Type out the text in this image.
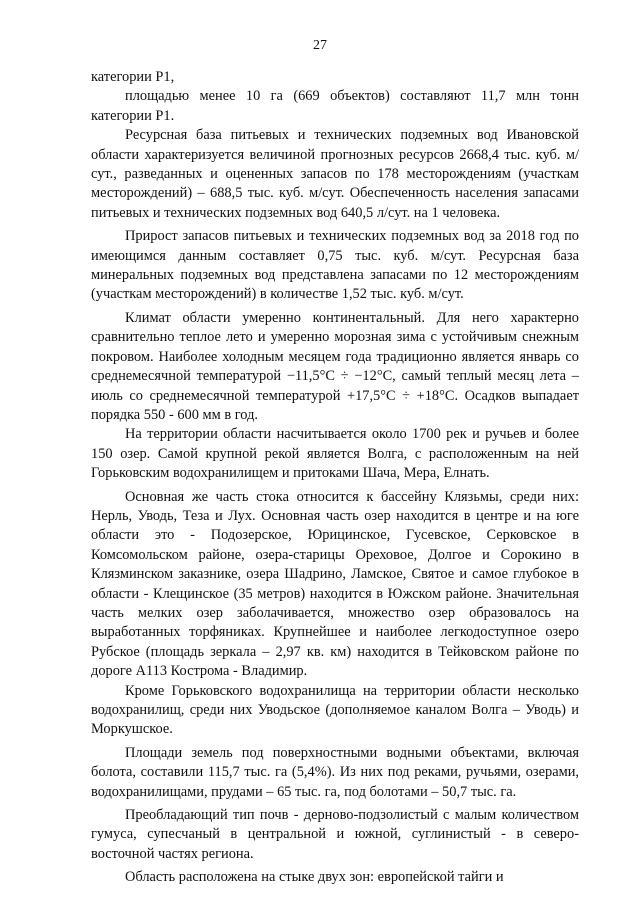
27

категории Р1,

площадью менее 10 га (669 объектов) составляют 11,7 млн тонн категории Р1.

Ресурсная база питьевых и технических подземных вод Ивановской области характеризуется величиной прогнозных ресурсов 2668,4 тыс. куб. м/сут., разведанных и оцененных запасов по 178 месторождениям (участкам месторождений) – 688,5 тыс. куб. м/сут. Обеспеченность населения запасами питьевых и технических подземных вод 640,5 л/сут. на 1 человека.

Прирост запасов питьевых и технических подземных вод за 2018 год по имеющимся данным составляет 0,75 тыс. куб. м/сут. Ресурсная база минеральных подземных вод представлена запасами по 12 месторождениям (участкам месторождений) в количестве 1,52 тыс. куб. м/сут.

Климат области умеренно континентальный. Для него характерно сравнительно теплое лето и умеренно морозная зима с устойчивым снежным покровом. Наиболее холодным месяцем года традиционно является январь со среднемесячной температурой −11,5°С ÷ −12°С, самый теплый месяц лета – июль со среднемесячной температурой +17,5°С ÷ +18°С. Осадков выпадает порядка 550 - 600 мм в год.

На территории области насчитывается около 1700 рек и ручьев и более 150 озер. Самой крупной рекой является Волга, с расположенным на ней Горьковским водохранилищем и притоками Шача, Мера, Елнать.

Основная же часть стока относится к бассейну Клязьмы, среди них: Нерль, Уводь, Теза и Лух. Основная часть озер находится в центре и на юге области это - Подозерское, Юрицинское, Гусевское, Серковское в Комсомольском районе, озера-старицы Ореховое, Долгое и Сорокино в Клязминском заказнике, озера Шадрино, Ламское, Святое и самое глубокое в области - Клещинское (35 метров) находится в Южском районе. Значительная часть мелких озер заболачивается, множество озер образовалось на выработанных торфяниках. Крупнейшее и наиболее легкодоступное озеро Рубское (площадь зеркала – 2,97 кв. км) находится в Тейковском районе по дороге А113 Кострома - Владимир.

Кроме Горьковского водохранилища на территории области несколько водохранилищ, среди них Уводьское (дополняемое каналом Волга – Уводь) и Моркушское.

Площади земель под поверхностными водными объектами, включая болота, составили 115,7 тыс. га (5,4%). Из них под реками, ручьями, озерами, водохранилищами, прудами – 65 тыс. га, под болотами – 50,7 тыс. га.

Преобладающий тип почв - дерново-подзолистый с малым количеством гумуса, супесчаный в центральной и южной, суглинистый - в северо-восточной частях региона.

Область расположена на стыке двух зон: европейской тайги и
